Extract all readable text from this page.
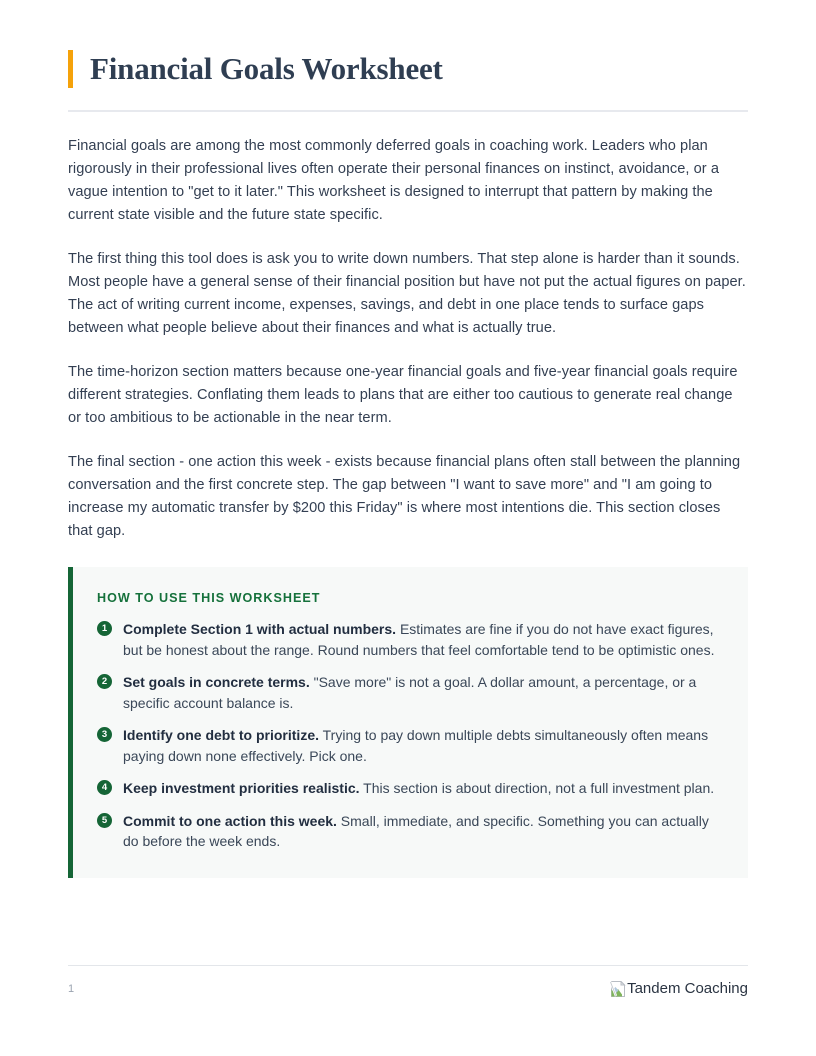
Financial Goals Worksheet

Financial goals are among the most commonly deferred goals in coaching work. Leaders who plan rigorously in their professional lives often operate their personal finances on instinct, avoidance, or a vague intention to "get to it later." This worksheet is designed to interrupt that pattern by making the current state visible and the future state specific.

The first thing this tool does is ask you to write down numbers. That step alone is harder than it sounds. Most people have a general sense of their financial position but have not put the actual figures on paper. The act of writing current income, expenses, savings, and debt in one place tends to surface gaps between what people believe about their finances and what is actually true.

The time-horizon section matters because one-year financial goals and five-year financial goals require different strategies. Conflating them leads to plans that are either too cautious to generate real change or too ambitious to be actionable in the near term.

The final section - one action this week - exists because financial plans often stall between the planning conversation and the first concrete step. The gap between "I want to save more" and "I am going to increase my automatic transfer by $200 this Friday" is where most intentions die. This section closes that gap.

HOW TO USE THIS WORKSHEET
1	Complete Section 1 with actual numbers. Estimates are fine if you do not have exact figures, but be honest about the range. Round numbers that feel comfortable tend to be optimistic ones.
2	Set goals in concrete terms. "Save more" is not a goal. A dollar amount, a percentage, or a specific account balance is.
3	Identify one debt to prioritize. Trying to pay down multiple debts simultaneously often means paying down none effectively. Pick one.
4	Keep investment priorities realistic. This section is about direction, not a full investment plan.
5	Commit to one action this week. Small, immediate, and specific. Something you can actually do before the week ends.
1	Tandem Coaching
